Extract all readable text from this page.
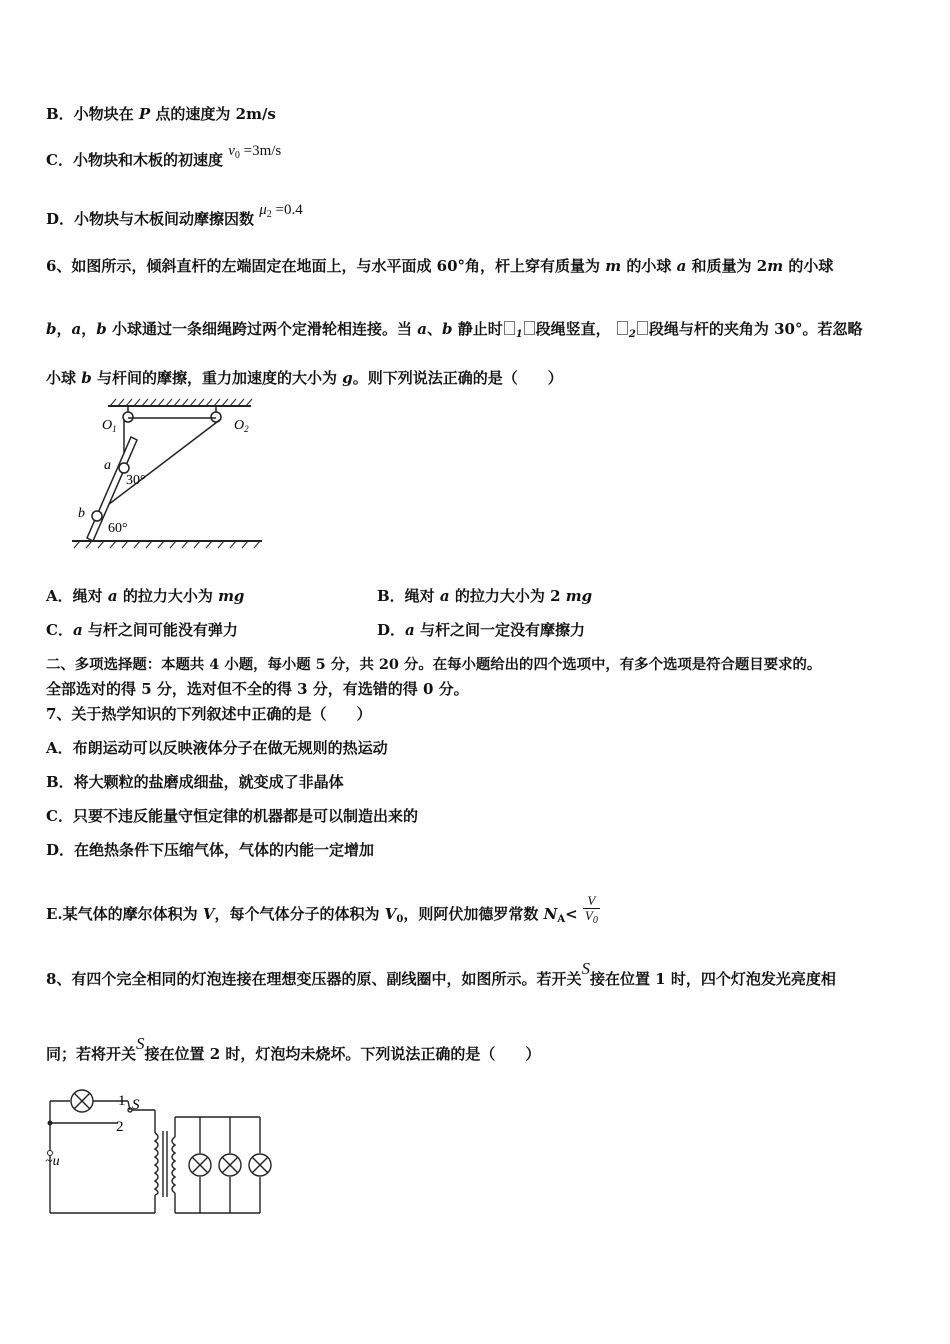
B．小物块在 P 点的速度为 2m/s
C．小物块和木板的初速度 $v_0 =3m/s$
D．小物块与木板间动摩擦因数 $\mu_2 =0.4$
6、如图所示，倾斜直杆的左端固定在地面上，与水平面成 60°角，杆上穿有质量为 m 的小球 a 和质量为 2m 的小球
b，a，b 小球通过一条细绳跨过两个定滑轮相连接。当 a、b 静止时 $_1$ 段绳竖直， $_2$ 段绳与杆的夹角为 30°。若忽略
小球 b 与杆间的摩擦，重力加速度的大小为 g。则下列说法正确的是（　　）
$O_1$	$O_2$
a
b
30°
60°
A．绳对 a 的拉力大小为 mg	B．绳对 a 的拉力大小为 2 mg
C．a 与杆之间可能没有弹力	D．a 与杆之间一定没有摩擦力
二、多项选择题：本题共 4 小题，每小题 5 分，共 20 分。在每小题给出的四个选项中，有多个选项是符合题目要求的。
全部选对的得 5 分，选对但不全的得 3 分，有选错的得 0 分。
7、关于热学知识的下列叙述中正确的是（　　）
A．布朗运动可以反映液体分子在做无规则的热运动
B．将大颗粒的盐磨成细盐，就变成了非晶体
C．只要不违反能量守恒定律的机器都是可以制造出来的
D．在绝热条件下压缩气体，气体的内能一定增加
E.某气体的摩尔体积为 V，每个气体分子的体积为 $V_0$，则阿伏加德罗常数 $N_A< \frac{V}{V_0}$
8、有四个完全相同的灯泡连接在理想变压器的原、副线圈中，如图所示。若开关S接在位置 1 时，四个灯泡发光亮度相
同；若将开关S接在位置 2 时，灯泡均未烧坏。下列说法正确的是（　　）
1
2
S
~u
